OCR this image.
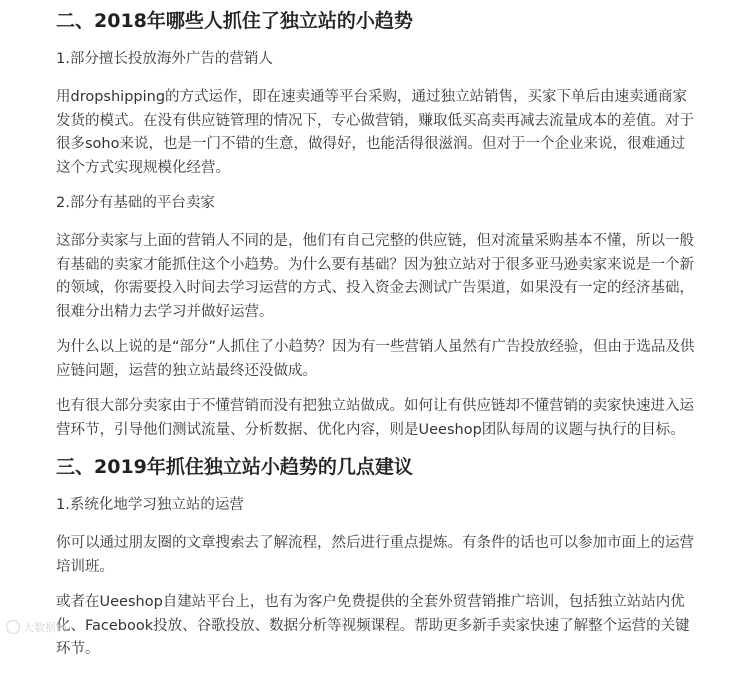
二、2018年哪些人抓住了独立站的小趋势

1.部分擅长投放海外广告的营销人

用dropshipping的方式运作，即在速卖通等平台采购，通过独立站销售，买家下单后由速卖通商家发货的模式。在没有供应链管理的情况下，专心做营销，赚取低买高卖再减去流量成本的差值。对于很多soho来说，也是一门不错的生意，做得好，也能活得很滋润。但对于一个企业来说，很难通过这个方式实现规模化经营。

2.部分有基础的平台卖家

这部分卖家与上面的营销人不同的是，他们有自己完整的供应链，但对流量采购基本不懂，所以一般有基础的卖家才能抓住这个小趋势。为什么要有基础？因为独立站对于很多亚马逊卖家来说是一个新的领域，你需要投入时间去学习运营的方式、投入资金去测试广告渠道，如果没有一定的经济基础，很难分出精力去学习并做好运营。

为什么以上说的是“部分”人抓住了小趋势？因为有一些营销人虽然有广告投放经验，但由于选品及供应链问题，运营的独立站最终还没做成。

也有很大部分卖家由于不懂营销而没有把独立站做成。如何让有供应链却不懂营销的卖家快速进入运营环节，引导他们测试流量、分析数据、优化内容，则是Ueeshop团队每周的议题与执行的目标。

三、2019年抓住独立站小趋势的几点建议

1.系统化地学习独立站的运营

你可以通过朋友圈的文章搜索去了解流程，然后进行重点提炼。有条件的话也可以参加市面上的运营培训班。

或者在Ueeshop自建站平台上，也有为客户免费提供的全套外贸营销推广培训，包括独立站站内优化、Facebook投放、谷歌投放、数据分析等视频课程。帮助更多新手卖家快速了解整个运营的关键环节。

大数据网
